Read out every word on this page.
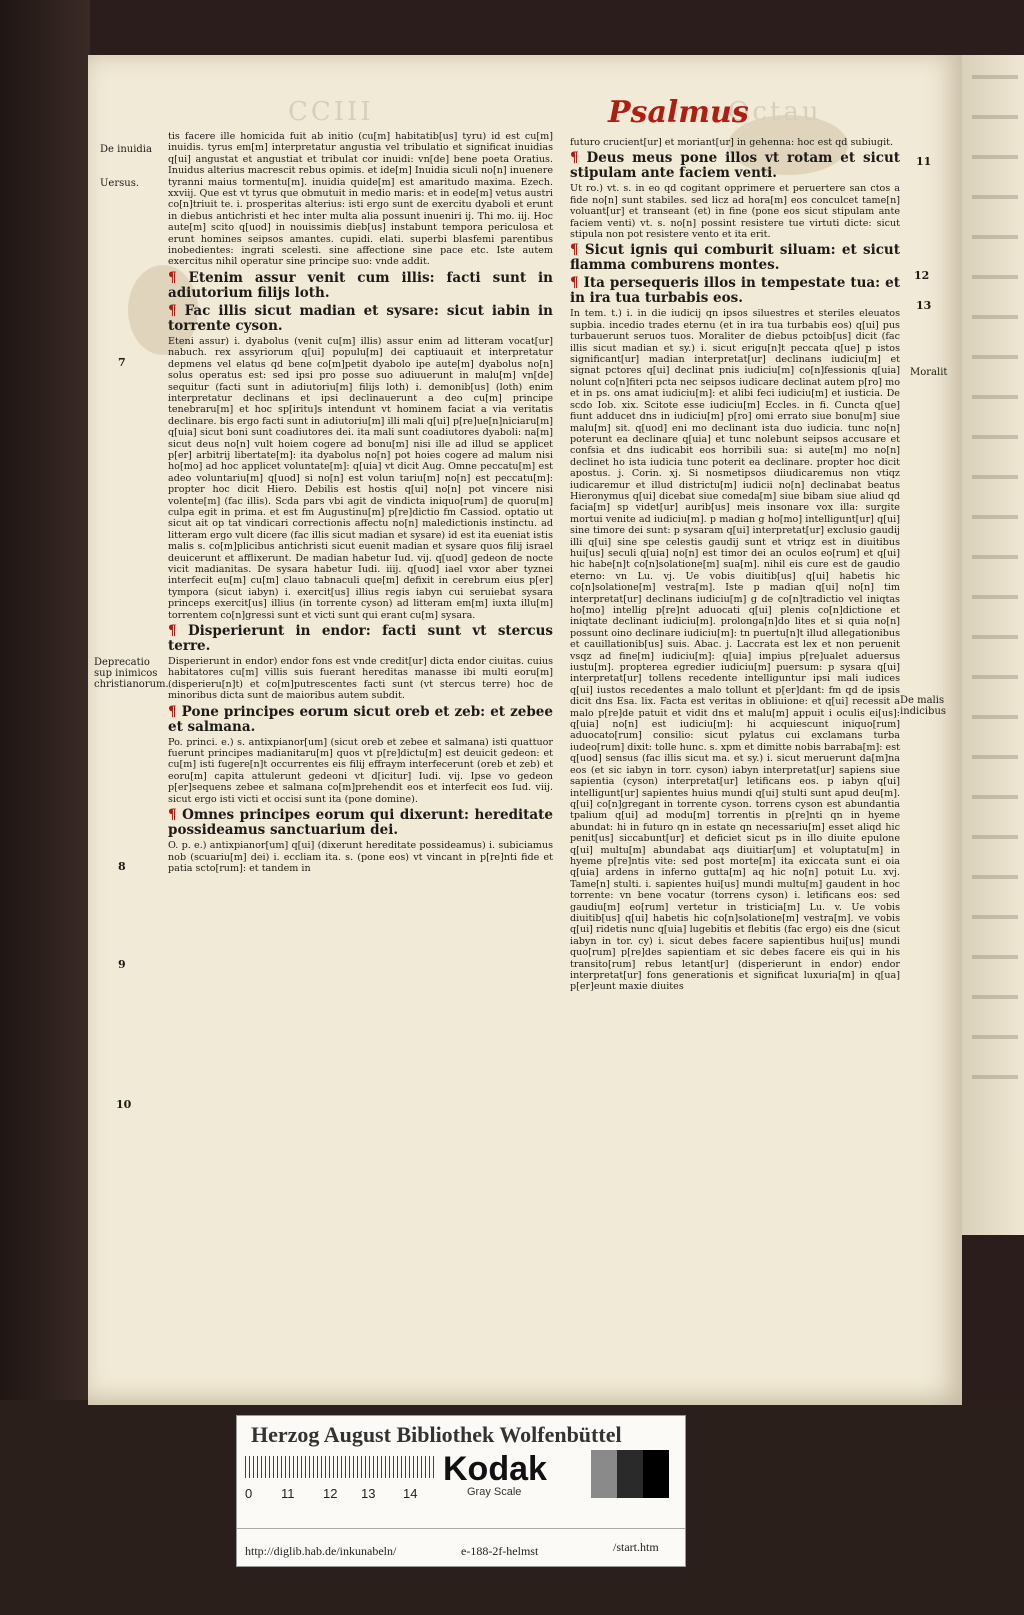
CCIII	Octau
Psalmus
De inuidia
Uersus.
Deprecatio sup inimicos christianorum.
7
8
9
10
11
12
13
Moralit
De malis indicibus

tis facere ille homicida fuit ab initio (cu[m] habitatib[us] tyru) id est cu[m] inuidis. tyrus em[m] interpretatur angustia vel tribulatio et significat inuidias q[ui] angustat et angustiat et tribulat cor inuidi: vn[de] bene poeta Oratius. Inuidus alterius macrescit rebus opimis. et ide[m] Inuidia siculi no[n] inuenere tyranni maius tormentu[m]. inuidia quide[m] est amaritudo maxima. Ezech. xxviij. Que est vt tyrus que obmutuit in medio maris: et in eode[m] vetus austri co[n]triuit te. i. prosperitas alterius: isti ergo sunt de exercitu dyaboli et erunt in diebus antichristi et hec inter multa alia possunt inueniri ij. Thi mo. iij. Hoc aute[m] scito q[uod] in nouissimis dieb[us] instabunt tempora periculosa et erunt homines seipsos amantes. cupidi. elati. superbi blasfemi parentibus inobedientes: ingrati scelesti. sine affectione sine pace etc. Iste autem exercitus nihil operatur sine principe suo: vnde addit.

¶ Etenim assur venit cum illis: facti sunt in adiutorium filijs loth.

¶ Fac illis sicut madian et sysare: sicut iabin in torrente cyson.

Eteni assur) i. dyabolus (venit cu[m] illis) assur enim ad litteram vocat[ur] nabuch. rex assyriorum q[ui] populu[m] dei captiuauit et interpretatur depmens vel elatus qd bene co[m]petit dyabolo ipe aute[m] dyabolus no[n] solus operatus est: sed ipsi pro posse suo adiuuerunt in malu[m] vn[de] sequitur (facti sunt in adiutoriu[m] filijs loth) i. demonib[us] (loth) enim interpretatur declinans et ipsi declinauerunt a deo cu[m] principe tenebraru[m] et hoc sp[iritu]s intendunt vt hominem faciat a via veritatis declinare. bis ergo facti sunt in adiutoriu[m] illi mali q[ui] p[re]ue[n]niciaru[m] q[uia] sicut boni sunt coadiutores dei. ita mali sunt coadiutores dyaboli: na[m] sicut deus no[n] vult hoiem cogere ad bonu[m] nisi ille ad illud se applicet p[er] arbitrij libertate[m]: ita dyabolus no[n] pot hoies cogere ad malum nisi ho[mo] ad hoc applicet voluntate[m]: q[uia] vt dicit Aug. Omne peccatu[m] est adeo voluntariu[m] q[uod] si no[n] est volun tariu[m] no[n] est peccatu[m]: propter hoc dicit Hiero. Debilis est hostis q[ui] no[n] pot vincere nisi volente[m] (fac illis). Scda pars vbi agit de vindicta iniquo[rum] de quoru[m] culpa egit in prima. et est fm Augustinu[m] p[re]dictio fm Cassiod. optatio ut sicut ait op tat vindicari correctionis affectu no[n] maledictionis instinctu. ad litteram ergo vult dicere (fac illis sicut madian et sysare) id est ita eueniat istis malis s. co[m]plicibus antichristi sicut euenit madian et sysare quos filij israel deuicerunt et afflixerunt. De madian habetur Iud. vij. q[uod] gedeon de nocte vicit madianitas. De sysara habetur Iudi. iiij. q[uod] iael vxor aber tyznei interfecit eu[m] cu[m] clauo tabnaculi que[m] defixit in cerebrum eius p[er] tympora (sicut iabyn) i. exercit[us] illius regis iabyn cui seruiebat sysara princeps exercit[us] illius (in torrente cyson) ad litteram em[m] iuxta illu[m] torrentem co[n]gressi sunt et victi sunt qui erant cu[m] sysara.

¶ Disperierunt in endor: facti sunt vt stercus terre.

Disperierunt in endor) endor fons est vnde credit[ur] dicta endor ciuitas. cuius habitatores cu[m] villis suis fuerant hereditas manasse ibi multi eoru[m] (disperieru[n]t) et co[m]putrescentes facti sunt (vt stercus terre) hoc de minoribus dicta sunt de maioribus autem subdit.

¶ Pone principes eorum sicut oreb et zeb: et zebee et salmana.

Po. princi. e.) s. antixpianor[um] (sicut oreb et zebee et salmana) isti quattuor fuerunt principes madianitaru[m] quos vt p[re]dictu[m] est deuicit gedeon: et cu[m] isti fugere[n]t occurrentes eis filij effraym interfecerunt (oreb et zeb) et eoru[m] capita attulerunt gedeoni vt d[icitur] Iudi. vij. Ipse vo gedeon p[er]sequens zebee et salmana co[m]prehendit eos et interfecit eos Iud. viij. sicut ergo isti victi et occisi sunt ita (pone domine).

¶ Omnes principes eorum qui dixerunt: hereditate possideamus sanctuarium dei.

O. p. e.) antixpianor[um] q[ui] (dixerunt hereditate possideamus) i. subiciamus nob (scuariu[m] dei) i. eccliam ita. s. (pone eos) vt vincant in p[re]nti fide et patia scto[rum]: et tandem in

futuro crucient[ur] et moriant[ur] in gehenna: hoc est qd subiugit.

¶ Deus meus pone illos vt rotam et sicut stipulam ante faciem venti.

Ut ro.) vt. s. in eo qd cogitant opprimere et peruertere san ctos a fide no[n] sunt stabiles. sed licz ad hora[m] eos conculcet tame[n] voluant[ur] et transeant (et) in fine (pone eos sicut stipulam ante faciem venti) vt. s. no[n] possint resistere tue virtuti dicte: sicut stipula non pot resistere vento et ita erit.

¶ Sicut ignis qui comburit siluam: et sicut flamma comburens montes.

¶ Ita persequeris illos in tempestate tua: et in ira tua turbabis eos.

In tem. t.) i. in die iudicij qn ipsos siluestres et steriles eleuatos supbia. incedio trades eternu (et in ira tua turbabis eos) q[ui] pus turbauerunt seruos tuos. Moraliter de diebus pctoib[us] dicit (fac illis sicut madian et sy.) i. sicut erigu[n]t peccata q[ue] p istos significant[ur] madian interpretat[ur] declinans iudiciu[m] et signat pctores q[ui] declinat pnis iudiciu[m] co[n]fessionis q[uia] nolunt co[n]fiteri pcta nec seipsos iudicare declinat autem p[ro] mo et in ps. ons amat iudiciu[m]: et alibi feci iudiciu[m] et iusticia. De scdo Iob. xix. Scitote esse iudiciu[m] Eccles. in fi. Cuncta q[ue] fiunt adducet dns in iudiciu[m] p[ro] omi errato siue bonu[m] siue malu[m] sit. q[uod] eni mo declinant ista duo iudicia. tunc no[n] poterunt ea declinare q[uia] et tunc nolebunt seipsos accusare et confsia et dns iudicabit eos horribili sua: si aute[m] mo no[n] declinet ho ista iudicia tunc poterit ea declinare. propter hoc dicit apostus. j. Corin. xj. Si nosmetipsos diiudicaremus non vtiqz iudicaremur et illud districtu[m] iudicii no[n] declinabat beatus Hieronymus q[ui] dicebat siue comeda[m] siue bibam siue aliud qd facia[m] sp videt[ur] aurib[us] meis insonare vox illa: surgite mortui venite ad iudiciu[m]. p madian g ho[mo] intelligunt[ur] q[ui] sine timore dei sunt: p sysaram q[ui] interpretat[ur] exclusio gaudij illi q[ui] sine spe celestis gaudij sunt et vtriqz est in diuitibus hui[us] seculi q[uia] no[n] est timor dei an oculos eo[rum] et q[ui] hic habe[n]t co[n]solatione[m] sua[m]. nihil eis cure est de gaudio eterno: vn Lu. vj. Ue vobis diuitib[us] q[ui] habetis hic co[n]solatione[m] vestra[m]. Iste p madian q[ui] no[n] tim interpretat[ur] declinans iudiciu[m] g de co[n]tradictio vel iniqtas ho[mo] intellig p[re]nt aduocati q[ui] plenis co[n]dictione et iniqtate declinant iudiciu[m]. prolonga[n]do lites et si quia no[n] possunt oino declinare iudiciu[m]: tn puertu[n]t illud allegationibus et cauillationib[us] suis. Abac. j. Laccrata est lex et non peruenit vsqz ad fine[m] iudiciu[m]: q[uia] impius p[re]ualet aduersus iustu[m]. propterea egredier iudiciu[m] puersum: p sysara q[ui] interpretat[ur] tollens recedente intelliguntur ipsi mali iudices q[ui] iustos recedentes a malo tollunt et p[er]dant: fm qd de ipsis dicit dns Esa. lix. Facta est veritas in obliuione: et q[ui] recessit a malo p[re]de patuit et vidit dns et malu[m] appuit i oculis ei[us]: q[uia] no[n] est iudiciu[m]: hi acquiescunt iniquo[rum] aduocato[rum] consilio: sicut pylatus cui exclamans turba iudeo[rum] dixit: tolle hunc. s. xpm et dimitte nobis barraba[m]: est q[uod] sensus (fac illis sicut ma. et sy.) i. sicut meruerunt da[m]na eos (et sic iabyn in torr. cyson) iabyn interpretat[ur] sapiens siue sapientia (cyson) interpretat[ur] letificans eos. p iabyn q[ui] intelligunt[ur] sapientes huius mundi q[ui] stulti sunt apud deu[m]. q[ui] co[n]gregant in torrente cyson. torrens cyson est abundantia tpalium q[ui] ad modu[m] torrentis in p[re]nti qn in hyeme abundat: hi in futuro qn in estate qn necessariu[m] esset aliqd hic penit[us] siccabunt[ur] et deficiet sicut ps in illo diuite epulone q[ui] multu[m] abundabat aqs diuitiar[um] et voluptatu[m] in hyeme p[re]ntis vite: sed post morte[m] ita exiccata sunt ei oia q[uia] ardens in inferno gutta[m] aq hic no[n] potuit Lu. xvj. Tame[n] stulti. i. sapientes hui[us] mundi multu[m] gaudent in hoc torrente: vn bene vocatur (torrens cyson) i. letificans eos: sed gaudiu[m] eo[rum] vertetur in tristicia[m] Lu. v. Ue vobis diuitib[us] q[ui] habetis hic co[n]solatione[m] vestra[m]. ve vobis q[ui] ridetis nunc q[uia] lugebitis et flebitis (fac ergo) eis dne (sicut iabyn in tor. cy) i. sicut debes facere sapientibus hui[us] mundi quo[rum] p[re]des sapientiam et sic debes facere eis qui in his transito[rum] rebus letant[ur] (disperierunt in endor) endor interpretat[ur] fons generationis et significat luxuria[m] in q[ua] p[er]eunt maxie diuites

Herzog August Bibliothek Wolfenbüttel
0 11 12 13 14
Kodak
Gray Scale
http://diglib.hab.de/inkunabeln/	e-188-2f-helmst	/start.htm
